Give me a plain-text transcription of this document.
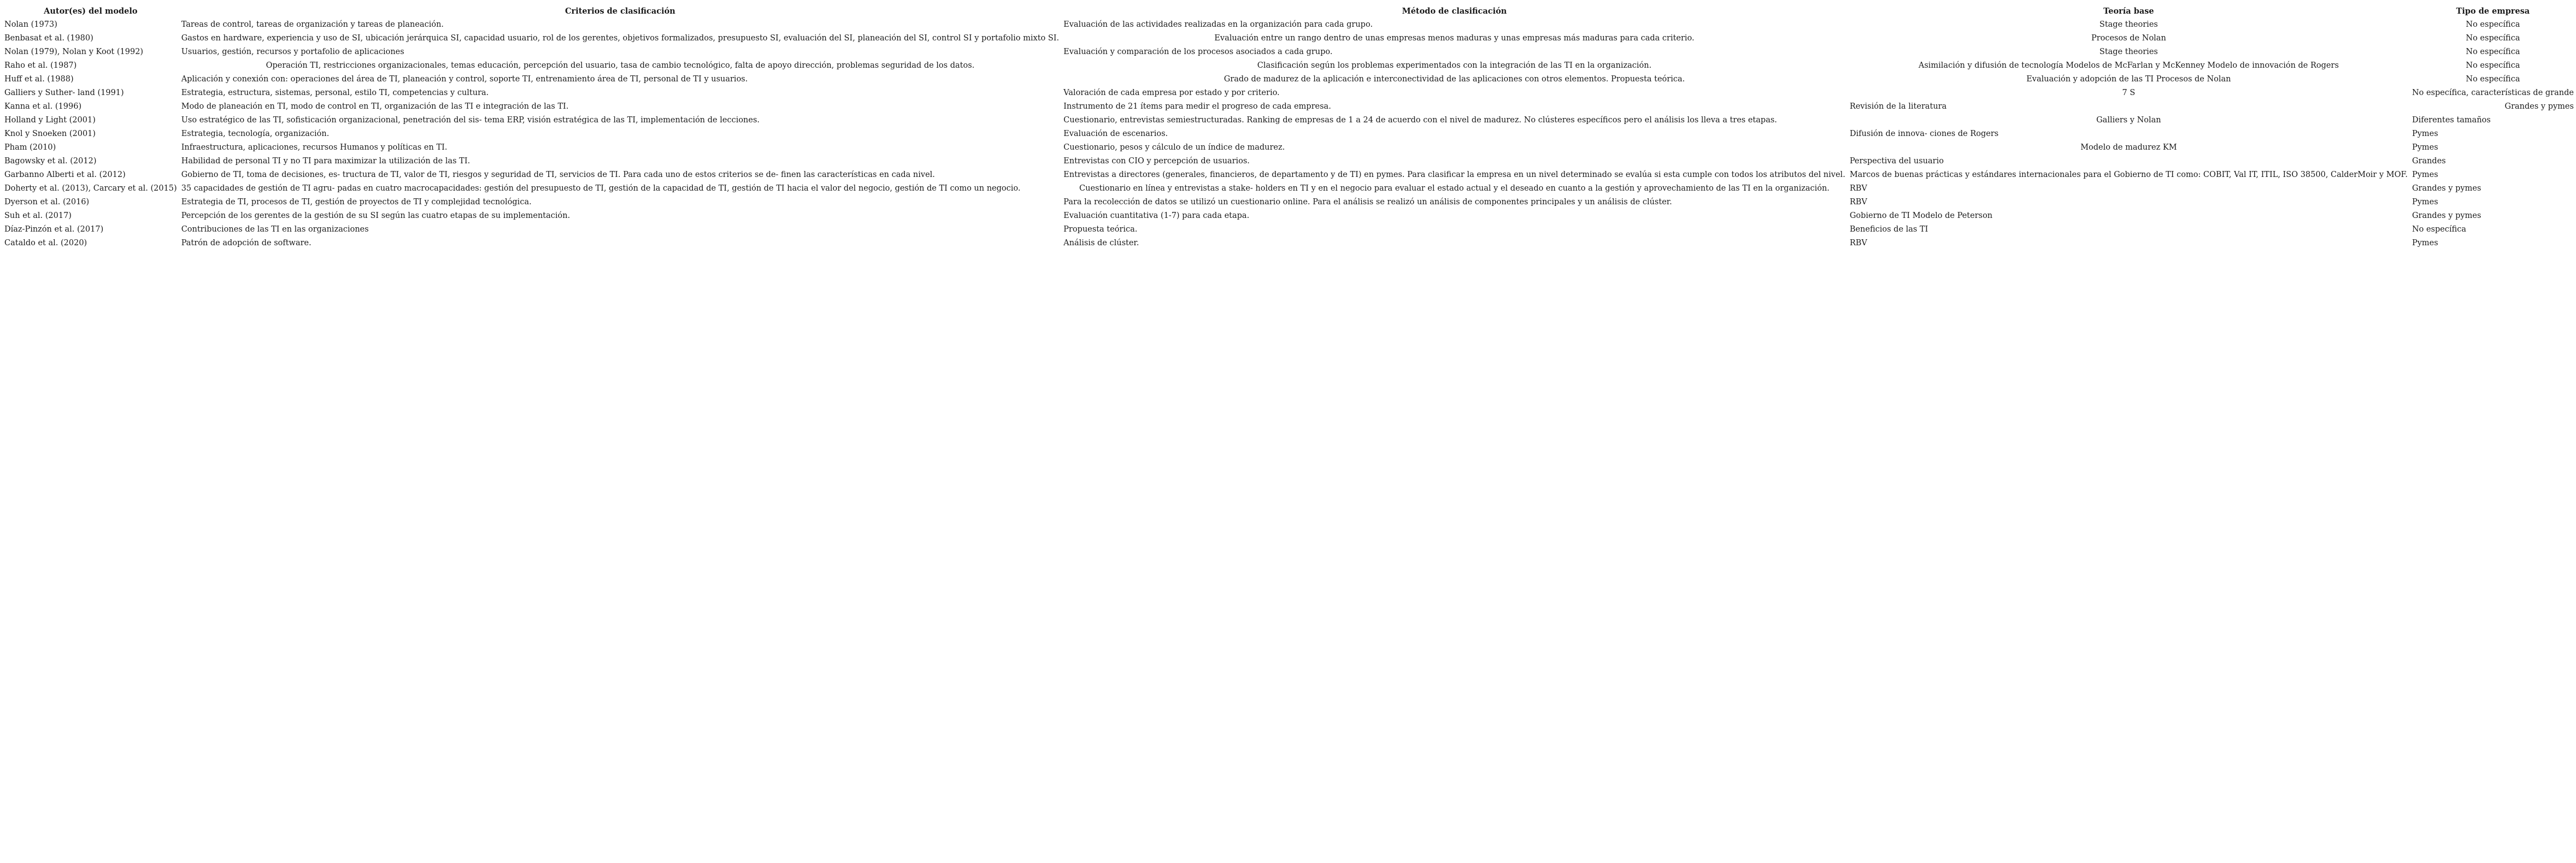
Autor(es) del modelo	Criterios de clasificación	Método de clasificación	Teoría base	Tipo de empresa
Nolan (1973)	Tareas de control, tareas de organización y tareas de planeación.	Evaluación de las actividades realizadas en la organización para cada grupo.	Stage theories	No específica
Benbasat et al. (1980)	Gastos en hardware, experiencia y uso de SI, ubicación jerárquica SI, capacidad usuario, rol de los gerentes, objetivos formalizados, presupuesto SI, evaluación del SI, planeación del SI, control SI y portafolio mixto SI.	Evaluación entre un rango dentro de unas empresas menos maduras y unas empresas más maduras para cada criterio.	Procesos de Nolan	No específica
Nolan (1979), Nolan y Koot (1992)	Usuarios, gestión, recursos y portafolio de aplicaciones	Evaluación y comparación de los procesos asociados a cada grupo.	Stage theories	No específica
Raho et al. (1987)	Operación TI, restricciones organizacionales, temas educación, percepción del usuario, tasa de cambio tecnológico, falta de apoyo dirección, problemas seguridad de los datos.	Clasificación según los problemas experimentados con la integración de las TI en la organización.	Asimilación y difusión de tecnología Modelos de McFarlan y McKenney Modelo de innovación de Rogers	No específica
Huff et al. (1988)	Aplicación y conexión con: operaciones del área de TI, planeación y control, soporte TI, entrenamiento área de TI, personal de TI y usuarios.	Grado de madurez de la aplicación e interconectividad de las aplicaciones con otros elementos. Propuesta teórica.	Evaluación y adopción de las TI Procesos de Nolan	No específica
Galliers y Suther- land (1991)	Estrategia, estructura, sistemas, personal, estilo TI, competencias y cultura.	Valoración de cada empresa por estado y por criterio.	7 S	No específica, características de grande
Kanna et al. (1996)	Modo de planeación en TI, modo de control en TI, organización de las TI e integración de las TI.	Instrumento de 21 ítems para medir el progreso de cada empresa.	Revisión de la literatura	Grandes y pymes
Holland y Light (2001)	Uso estratégico de las TI, sofisticación organizacional, penetración del sis- tema ERP, visión estratégica de las TI, implementación de lecciones.	Cuestionario, entrevistas semiestructuradas. Ranking de empresas de 1 a 24 de acuerdo con el nivel de madurez. No clústeres específicos pero el análisis los lleva a tres etapas.	Galliers y Nolan	Diferentes tamaños
Knol y Snoeken (2001)	Estrategia, tecnología, organización.	Evaluación de escenarios.	Difusión de innova- ciones de Rogers	Pymes
Pham (2010)	Infraestructura, aplicaciones, recursos Humanos y políticas en TI.	Cuestionario, pesos y cálculo de un índice de madurez.	Modelo de madurez KM	Pymes
Bagowsky et al. (2012)	Habilidad de personal TI y no TI para maximizar la utilización de las TI.	Entrevistas con CIO y percepción de usuarios.	Perspectiva del usuario	Grandes
Garbanno Alberti et al. (2012)	Gobierno de TI, toma de decisiones, es- tructura de TI, valor de TI, riesgos y seguridad de TI, servicios de TI. Para cada uno de estos criterios se de- finen las características en cada nivel.	Entrevistas a directores (generales, financieros, de departamento y de TI) en pymes. Para clasificar la empresa en un nivel determinado se evalúa si esta cumple con todos los atributos del nivel.	Marcos de buenas prácticas y estándares internacionales para el Gobierno de TI como: COBIT, Val IT, ITIL, ISO 38500, CalderMoir y MOF.	Pymes
Doherty et al. (2013), Carcary et al. (2015)	35 capacidades de gestión de TI agru- padas en cuatro macrocapacidades: gestión del presupuesto de TI, gestión de la capacidad de TI, gestión de TI hacia el valor del negocio, gestión de TI como un negocio.	Cuestionario en línea y entrevistas a stake- holders en TI y en el negocio para evaluar el estado actual y el deseado en cuanto a la gestión y aprovechamiento de las TI en la organización.	RBV	Grandes y pymes
Dyerson et al. (2016)	Estrategia de TI, procesos de TI, gestión de proyectos de TI y complejidad tecnológica.	Para la recolección de datos se utilizó un cuestionario online. Para el análisis se realizó un análisis de componentes principales y un análisis de clúster.	RBV	Pymes
Suh et al. (2017)	Percepción de los gerentes de la gestión de su SI según las cuatro etapas de su implementación.	Evaluación cuantitativa (1-7) para cada etapa.	Gobierno de TI Modelo de Peterson	Grandes y pymes
Díaz-Pinzón et al. (2017)	Contribuciones de las TI en las organizaciones	Propuesta teórica.	Beneficios de las TI	No específica
Cataldo et al. (2020)	Patrón de adopción de software.	Análisis de clúster.	RBV	Pymes
